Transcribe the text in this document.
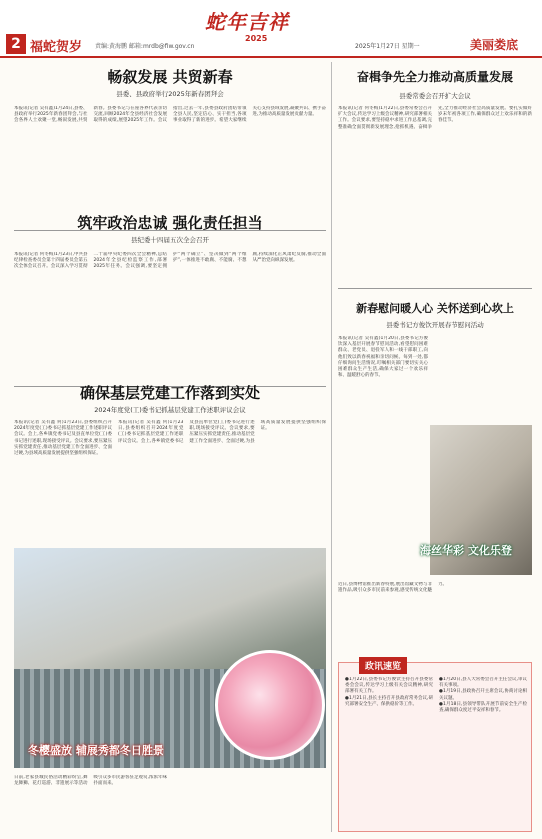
2 福蛇贺岁 责编:黄海鹏 邮箱:mrdb@fiw.gov.cn
蛇年吉祥
2025
2025年1月27日 星期一	美丽娄底
畅叙发展 共贸新春
县委、县政府举行2025年新春团拜会
本报讯(记者 吴有鑫)1月24日,县委、县政府举行2025年新春团拜会,与社会各界人士欢聚一堂,畅叙发展,共贸新春。县委书记与在座各界代表亲切交流,回顾2024年全县经济社会发展取得的成绩,展望2025年工作。会议指出,过去一年,县委县政府团结带领全县人民,坚定信心、实干担当,各项事业取得了新的进步。希望大家继续关心支持县域发展,凝聚共识、携手奋进,为推动高质量发展贡献力量。
筑牢政治忠诚 强化责任担当
县纪委十四届五次全会召开
本报讯(记者 何冬梅)1月23日,中共县纪律检查委员会第十四届委员会第五次全体会议召开。会议深入学习贯彻二十届中央纪委四次全会精神,总结2024年全县纪检监察工作,部署2025年任务。会议强调,要坚定拥护“两个确立”、坚决做到“两个维护”,一体推进不敢腐、不能腐、不想腐,持续深化正风肃纪反腐,推动全面从严治党向纵深发展。
确保基层党建工作落到实处
2024年度党(工)委书记抓基层党建工作述职评议会议
本报讯(记者 吴有鑫 何)1月23日,县委组织召开2024年度党(工)委书记抓基层党建工作述职评议会议。会上,各乡镇党委书记及县直单位党(工)委书记进行述职,现场接受评议。会议要求,要压紧压实抓党建责任,推动基层党建工作全面进步、全面过硬,为县域高质量发展提供坚强组织保证。
本报讯(记者 吴有鑫 何)1月23日,县委组织召开2024年度党(工)委书记抓基层党建工作述职评议会议。会上,各乡镇党委书记及县直单位党(工)委书记进行述职,现场接受评议。会议要求,要压紧压实抓党建责任,推动基层党建工作全面进步、全面过硬,为县域高质量发展提供坚强组织保证。
冬樱盛放 辅展秀都冬日胜景
日前,老家县城民俗活动精彩纷呈,舞龙舞狮、花灯巡游、非遗展示等活动吸引众多市民游客驻足观赏,浓浓年味扑面而来。
奋楫争先全力推动高质量发展
县委常委会召开扩大会议
本报讯(记者 何冬梅)1月22日,县委常委会召开扩大会议,传达学习上级会议精神,研究部署相关工作。会议要求,要坚持稳中求进工作总基调,完整准确全面贯彻新发展理念,抢抓机遇、奋楫争先,全力推动经济社会高质量发展。要扎实做好岁末年初各项工作,确保群众过上欢乐祥和的新春佳节。
新春慰问暖人心 关怀送到心坎上
县委书记方俊饮开展春节慰问活动
本报讯(记者 吴有鑫)1月20日,县委书记方俊饮深入基层开展春节慰问活动,看望慰问困难群众、老党员、退役军人和一线干部职工,向他们致以新春祝福和亲切问候。每到一处,都仔细询问生活情况,叮嘱相关部门要切实关心困难群众生产生活,确保大家过一个欢乐祥和、温暖舒心的春节。
海丝华彩 文化乐登
近日,县博物馆推出新春特展,展出馆藏文物与非遗作品,吸引众多市民前来参观,感受传统文化魅力。
政讯速览

●1月22日,县委书记方俊饮主持召开县委常委会会议,传达学习上级有关会议精神,研究部署有关工作。

●1月21日,县长主持召开县政府常务会议,研究部署安全生产、保供稳价等工作。

●1月20日,县人大常委会召开主任会议,审议有关事项。

●1月19日,县政协召开主席会议,协商讨论相关议题。

●1月18日,县领导带队开展节前安全生产检查,确保群众度过平安祥和春节。
